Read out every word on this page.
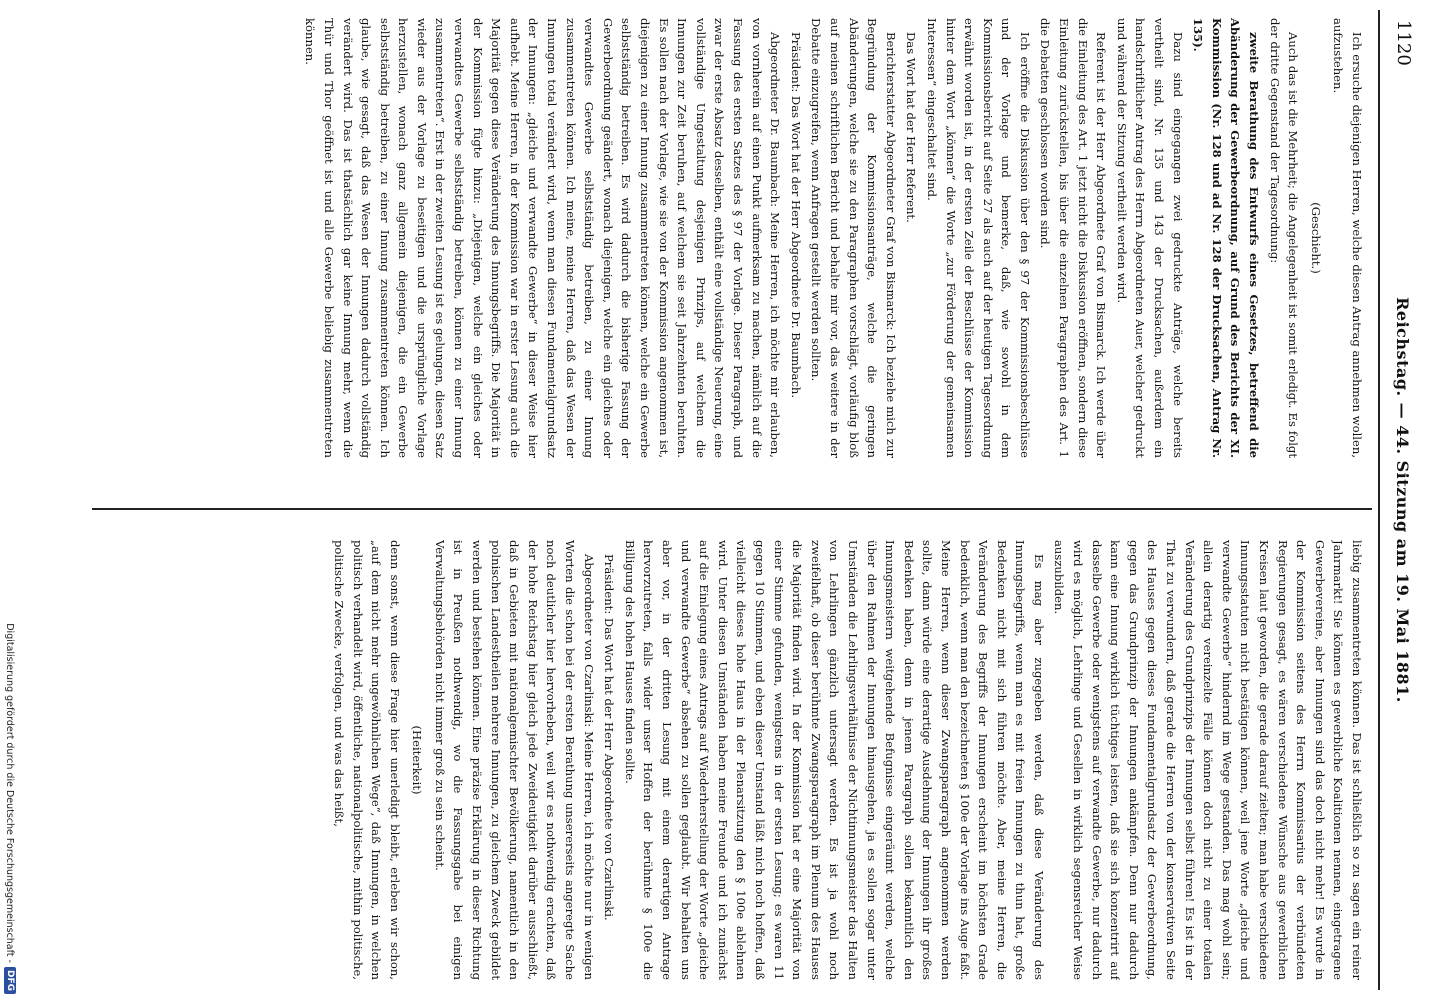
1120
Reichstag. — 44. Sitzung am 19. Mai 1881.

Ich ersuche diejenigen Herren, welche diesen Antrag annehmen wollen, aufzustehen.

(Geschieht.)

Auch das ist die Mehrheit; die Angelegenheit ist somit erledigt. Es folgt der dritte Gegenstand der Tagesordnung:

zweite Berathung des Entwurfs eines Gesetzes, betreffend die Abänderung der Gewerbeordnung, auf Grund des Berichts der XI. Kommission (Nr. 128 und ad Nr. 128 der Drucksachen, Antrag Nr. 135).

Dazu sind eingegangen zwei gedruckte Anträge, welche bereits vertheilt sind, Nr. 135 und 143 der Drucksachen, außerdem ein handschriftlicher Antrag des Herrn Abgeordneten Auer, welcher gedruckt und während der Sitzung vertheilt werden wird.

Referent ist der Herr Abgeordnete Graf von Bismarck. Ich werde über die Einleitung des Art. 1 jetzt nicht die Diskussion eröffnen, sondern diese Einleitung zurückstellen, bis über die einzelnen Paragraphen des Art. 1 die Debatten geschlossen worden sind.

Ich eröffne die Diskussion über den § 97 der Kommissionsbeschlüsse und der Vorlage und bemerke, daß, wie sowohl in dem Kommissionsbericht auf Seite 27 als auch auf der heutigen Tagesordnung erwähnt worden ist, in der ersten Zeile der Beschlüsse der Kommission hinter dem Wort „können“ die Worte „zur Förderung der gemeinsamen Interessen“ eingeschaltet sind.

Das Wort hat der Herr Referent.

Berichterstatter Abgeordneter Graf von Bismarck: Ich beziehe mich zur Begründung der Kommissionsanträge, welche die geringen Abänderungen, welche sie zu den Paragraphen vorschlägt, vorläufig bloß auf meinen schriftlichen Bericht und behalte mir vor, das weitere in der Debatte einzugreifen, wenn Anfragen gestellt werden sollten.

Präsident: Das Wort hat der Herr Abgeordnete Dr. Baumbach.

Abgeordneter Dr. Baumbach: Meine Herren, ich möchte mir erlauben, von vornherein auf einen Punkt aufmerksam zu machen, nämlich auf die Fassung des ersten Satzes des § 97 der Vorlage. Dieser Paragraph, und zwar der erste Absatz desselben, enthält eine vollständige Neuerung, eine vollständige Umgestaltung desjenigen Prinzips, auf welchem die Innungen zur Zeit beruhen, auf welchem sie seit Jahrzehnten beruhten. Es sollen nach der Vorlage, wie sie von der Kommission angenommen ist, diejenigen zu einer Innung zusammentreten können, welche ein Gewerbe selbstständig betreiben. Es wird dadurch die bisherige Fassung der Gewerbeordnung geändert, wonach diejenigen, welche ein gleiches oder verwandtes Gewerbe selbstständig betreiben, zu einer Innung zusammentreten können. Ich meine, meine Herren, daß das Wesen der Innungen total verändert wird, wenn man diesen Fundamentalgrundsatz der Innungen: „gleiche und verwandte Gewerbe“ in dieser Weise hier aufhebt. Meine Herren, in der Kommission war in erster Lesung auch die Majorität gegen diese Veränderung des Innungsbegriffs. Die Majorität in der Kommission fügte hinzu: „Diejenigen, welche ein gleiches oder verwandtes Gewerbe selbstständig betreiben, können zu einer Innung zusammentreten“. Erst in der zweiten Lesung ist es gelungen, diesen Satz wieder aus der Vorlage zu beseitigen und die ursprüngliche Vorlage herzustellen, wonach ganz allgemein diejenigen, die ein Gewerbe selbstständig betreiben, zu einer Innung zusammentreten können. Ich glaube, wie gesagt, daß das Wesen der Innungen dadurch vollständig verändert wird. Das ist thatsächlich gar keine Innung mehr, wenn die Thür und Thor geöffnet ist und alle Gewerbe beliebig zusammentreten können.

liebig zusammentreten können. Das ist schließlich so zu sagen ein reiner Jahrmarkt! Sie können es gewerbliche Koalitionen nennen, eingetragene Gewerbevereine, aber Innungen sind das doch nicht mehr! Es wurde in der Kommission seitens des Herrn Kommissarius der verbündeten Regierungen gesagt, es wären verschiedene Wünsche aus gewerblichen Kreisen laut geworden, die gerade darauf zielten; man habe verschiedene Innungsstatuten nicht bestätigen können, weil jene Worte „gleiche und verwandte Gewerbe“ hindernd im Wege gestanden. Das mag wohl sein; allein derartig vereinzelte Fälle können doch nicht zu einer totalen Veränderung des Grundprinzips der Innungen selbst führen! Es ist in der That zu verwundern, daß gerade die Herren von der konservativen Seite des Hauses gegen dieses Fundamentalgrundsatz der Gewerbeordnung, gegen das Grundprinzip der Innungen ankämpfen. Denn nur dadurch kann eine Innung wirklich tüchtiges leisten, daß sie sich konzentrirt auf dasselbe Gewerbe oder wenigstens auf verwandte Gewerbe, nur dadurch wird es möglich, Lehrlinge und Gesellen in wirklich segensreicher Weise auszubilden.

Es mag aber zugegeben werden, daß diese Veränderung des Innungsbegriffs, wenn man es mit freien Innungen zu thun hat, große Bedenken nicht mit sich führen möchte. Aber, meine Herren, die Veränderung des Begriffs der Innungen erscheint im höchsten Grade bedenklich, wenn man den bezeichneten § 100e der Vorlage ins Auge faßt. Meine Herren, wenn dieser Zwangsparagraph angenommen werden sollte, dann würde eine derartige Ausdehnung der Innungen ihr großes Bedenken haben, denn in jenem Paragraph sollen bekanntlich den Innungsmeistern weitgehende Befugnisse eingeräumt werden, welche über den Rahmen der Innungen hinausgehen, ja es sollen sogar unter Umständen die Lehrlingsverhältnisse der Nichtinnungsmeister das Halten von Lehrlingen gänzlich untersagt werden. Es ist ja wohl noch zweifelhaft, ob dieser berühmte Zwangsparagraph im Plenum des Hauses die Majorität finden wird. In der Kommission hat er eine Majorität von einer Stimme gefunden, wenigstens in der ersten Lesung; es waren 11 gegen 10 Stimmen, und eben dieser Umstand läßt mich noch hoffen, daß vielleicht dieses hohe Haus in der Plenarsitzung den § 100e ablehnen wird. Unter diesen Umständen haben meine Freunde und ich zunächst auf die Einlegung eines Antrags auf Wiederherstellung der Worte „gleiche und verwandte Gewerbe“ absehen zu sollen geglaubt. Wir behalten uns aber vor, in der dritten Lesung mit einem derartigen Antrage hervorzutreten, falls wider unser Hoffen der berühmte § 100e die Billigung des hohen Hauses finden sollte.

Präsident: Das Wort hat der Herr Abgeordnete von Czarlinski.

Abgeordneter von Czarlinski: Meine Herren, ich möchte nur in wenigen Worten die schon bei der ersten Berathung unsererseits angeregte Sache noch deutlicher hier hervorheben, weil wir es nothwendig erachten, daß der hohe Reichstag hier gleich jede Zweideutigkeit darüber ausschließt, daß in Gebieten mit nationalgemischter Bevölkerung, namentlich in den polnischen Landestheilen mehrere Innungen, zu gleichem Zweck gebildet werden und bestehen können. Eine präzise Erklärung in dieser Richtung ist in Preußen nothwendig, wo die Fassungsgabe bei einigen Verwaltungsbehörden nicht immer groß zu sein scheint.

(Heiterkeit)

denn sonst, wenn diese Frage hier unerledigt bleibt, erleben wir schon, „auf dem nicht mehr ungewöhnlichen Wege“, daß Innungen, in welchen politisch verhandelt wird, öffentliche, nationalpolitische, mithin politische, politische Zwecke, verfolgen, und was das heißt,

Digitalisierung gefördert durch die Deutsche Forschungsgemeinschaft -
DFG
